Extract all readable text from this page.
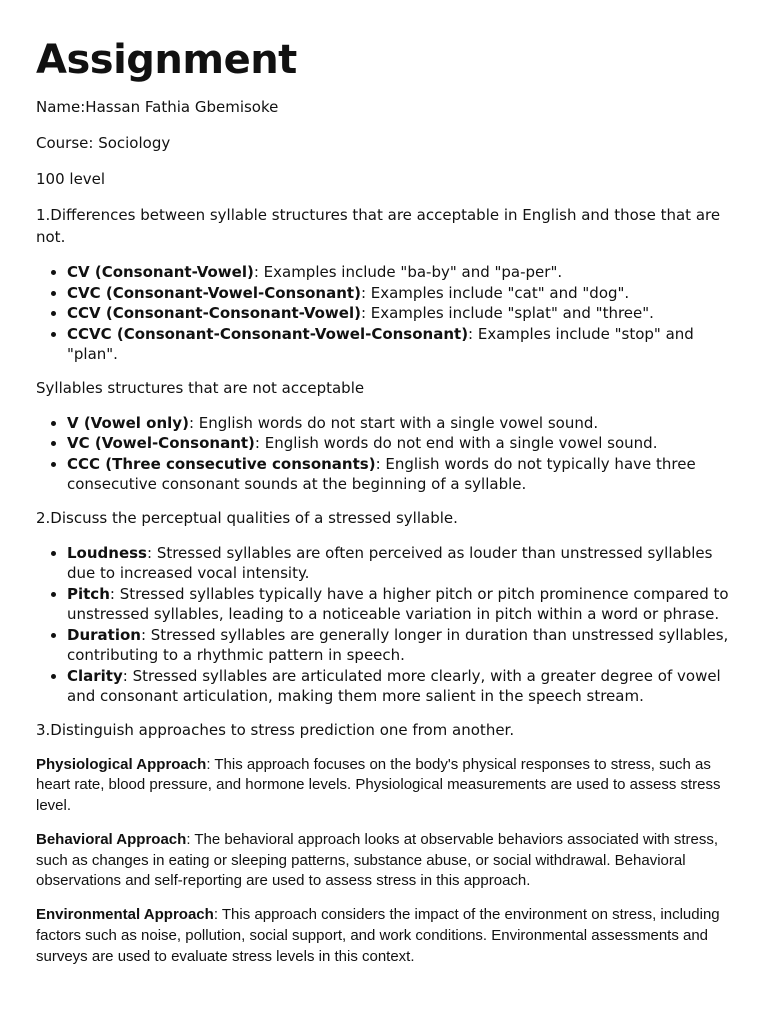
Assignment

Name:Hassan Fathia Gbemisoke

Course: Sociology

100 level

1.Differences between syllable structures that are acceptable in English and those that are not.

• CV (Consonant-Vowel): Examples include "ba-by" and "pa-per".
• CVC (Consonant-Vowel-Consonant): Examples include "cat" and "dog".
• CCV (Consonant-Consonant-Vowel): Examples include "splat" and "three".
• CCVC (Consonant-Consonant-Vowel-Consonant): Examples include "stop" and "plan".

Syllables structures that are not acceptable

• V (Vowel only): English words do not start with a single vowel sound.
• VC (Vowel-Consonant): English words do not end with a single vowel sound.
• CCC (Three consecutive consonants): English words do not typically have three consecutive consonant sounds at the beginning of a syllable.

2.Discuss the perceptual qualities of a stressed syllable.

• Loudness: Stressed syllables are often perceived as louder than unstressed syllables due to increased vocal intensity.
• Pitch: Stressed syllables typically have a higher pitch or pitch prominence compared to unstressed syllables, leading to a noticeable variation in pitch within a word or phrase.
• Duration: Stressed syllables are generally longer in duration than unstressed syllables, contributing to a rhythmic pattern in speech.
• Clarity: Stressed syllables are articulated more clearly, with a greater degree of vowel and consonant articulation, making them more salient in the speech stream.

3.Distinguish approaches to stress prediction one from another.

Physiological Approach: This approach focuses on the body's physical responses to stress, such as heart rate, blood pressure, and hormone levels. Physiological measurements are used to assess stress level.

Behavioral Approach: The behavioral approach looks at observable behaviors associated with stress, such as changes in eating or sleeping patterns, substance abuse, or social withdrawal. Behavioral observations and self-reporting are used to assess stress in this approach.

Environmental Approach: This approach considers the impact of the environment on stress, including factors such as noise, pollution, social support, and work conditions. Environmental assessments and surveys are used to evaluate stress levels in this context.
